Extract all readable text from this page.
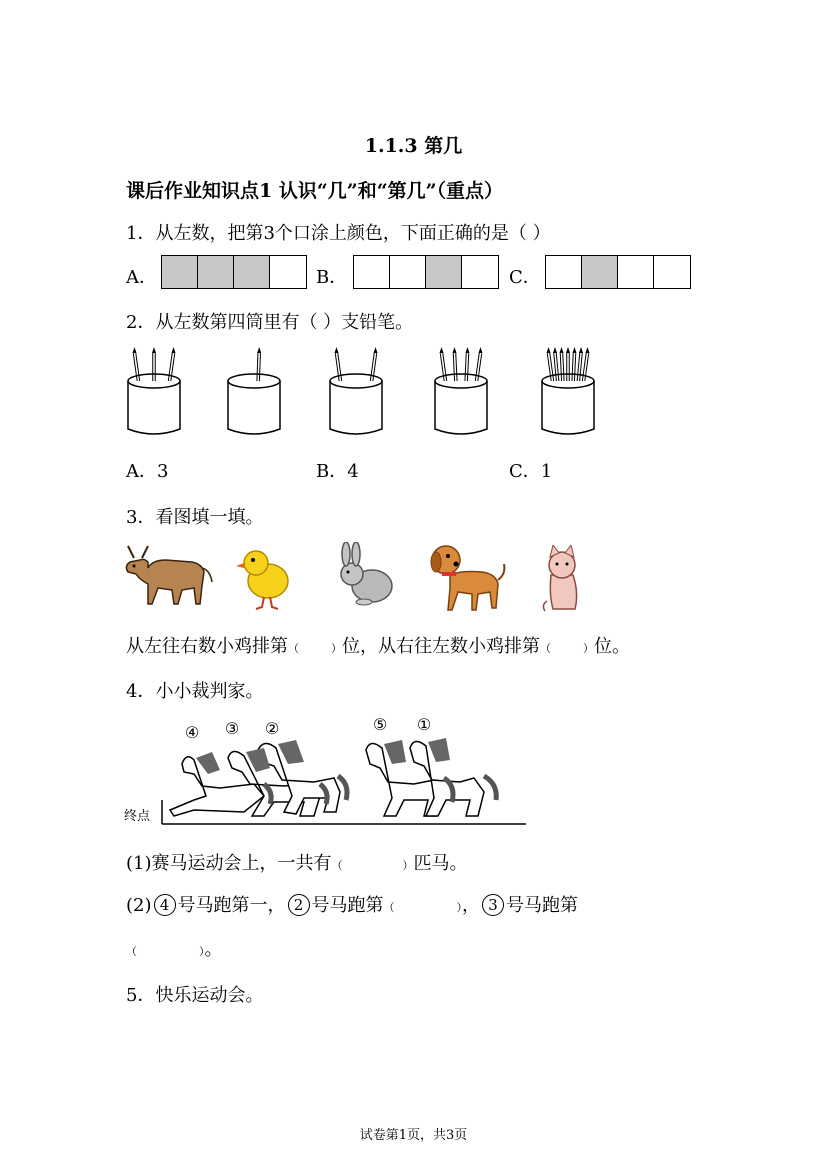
1.1.3 第几
课后作业知识点1 认识“几”和“第几”（重点）
1．从左数，把第3个口涂上颜色，下面正确的是（ ）
A．	B．	C．
2．从左数第四筒里有（ ）支铅笔。
A．3	B．4	C．1
3．看图填一填。
从左往右数小鸡排第（	）位，从右往左数小鸡排第（	）位。
4．小小裁判家。
④ ③ ②	⑤ ①
终点
(1)赛马运动会上，一共有（	）匹马。
(2) 4 号马跑第一， 2 号马跑第（	）， 3 号马跑第
（	）。
5．快乐运动会。
试卷第1页，共3页
